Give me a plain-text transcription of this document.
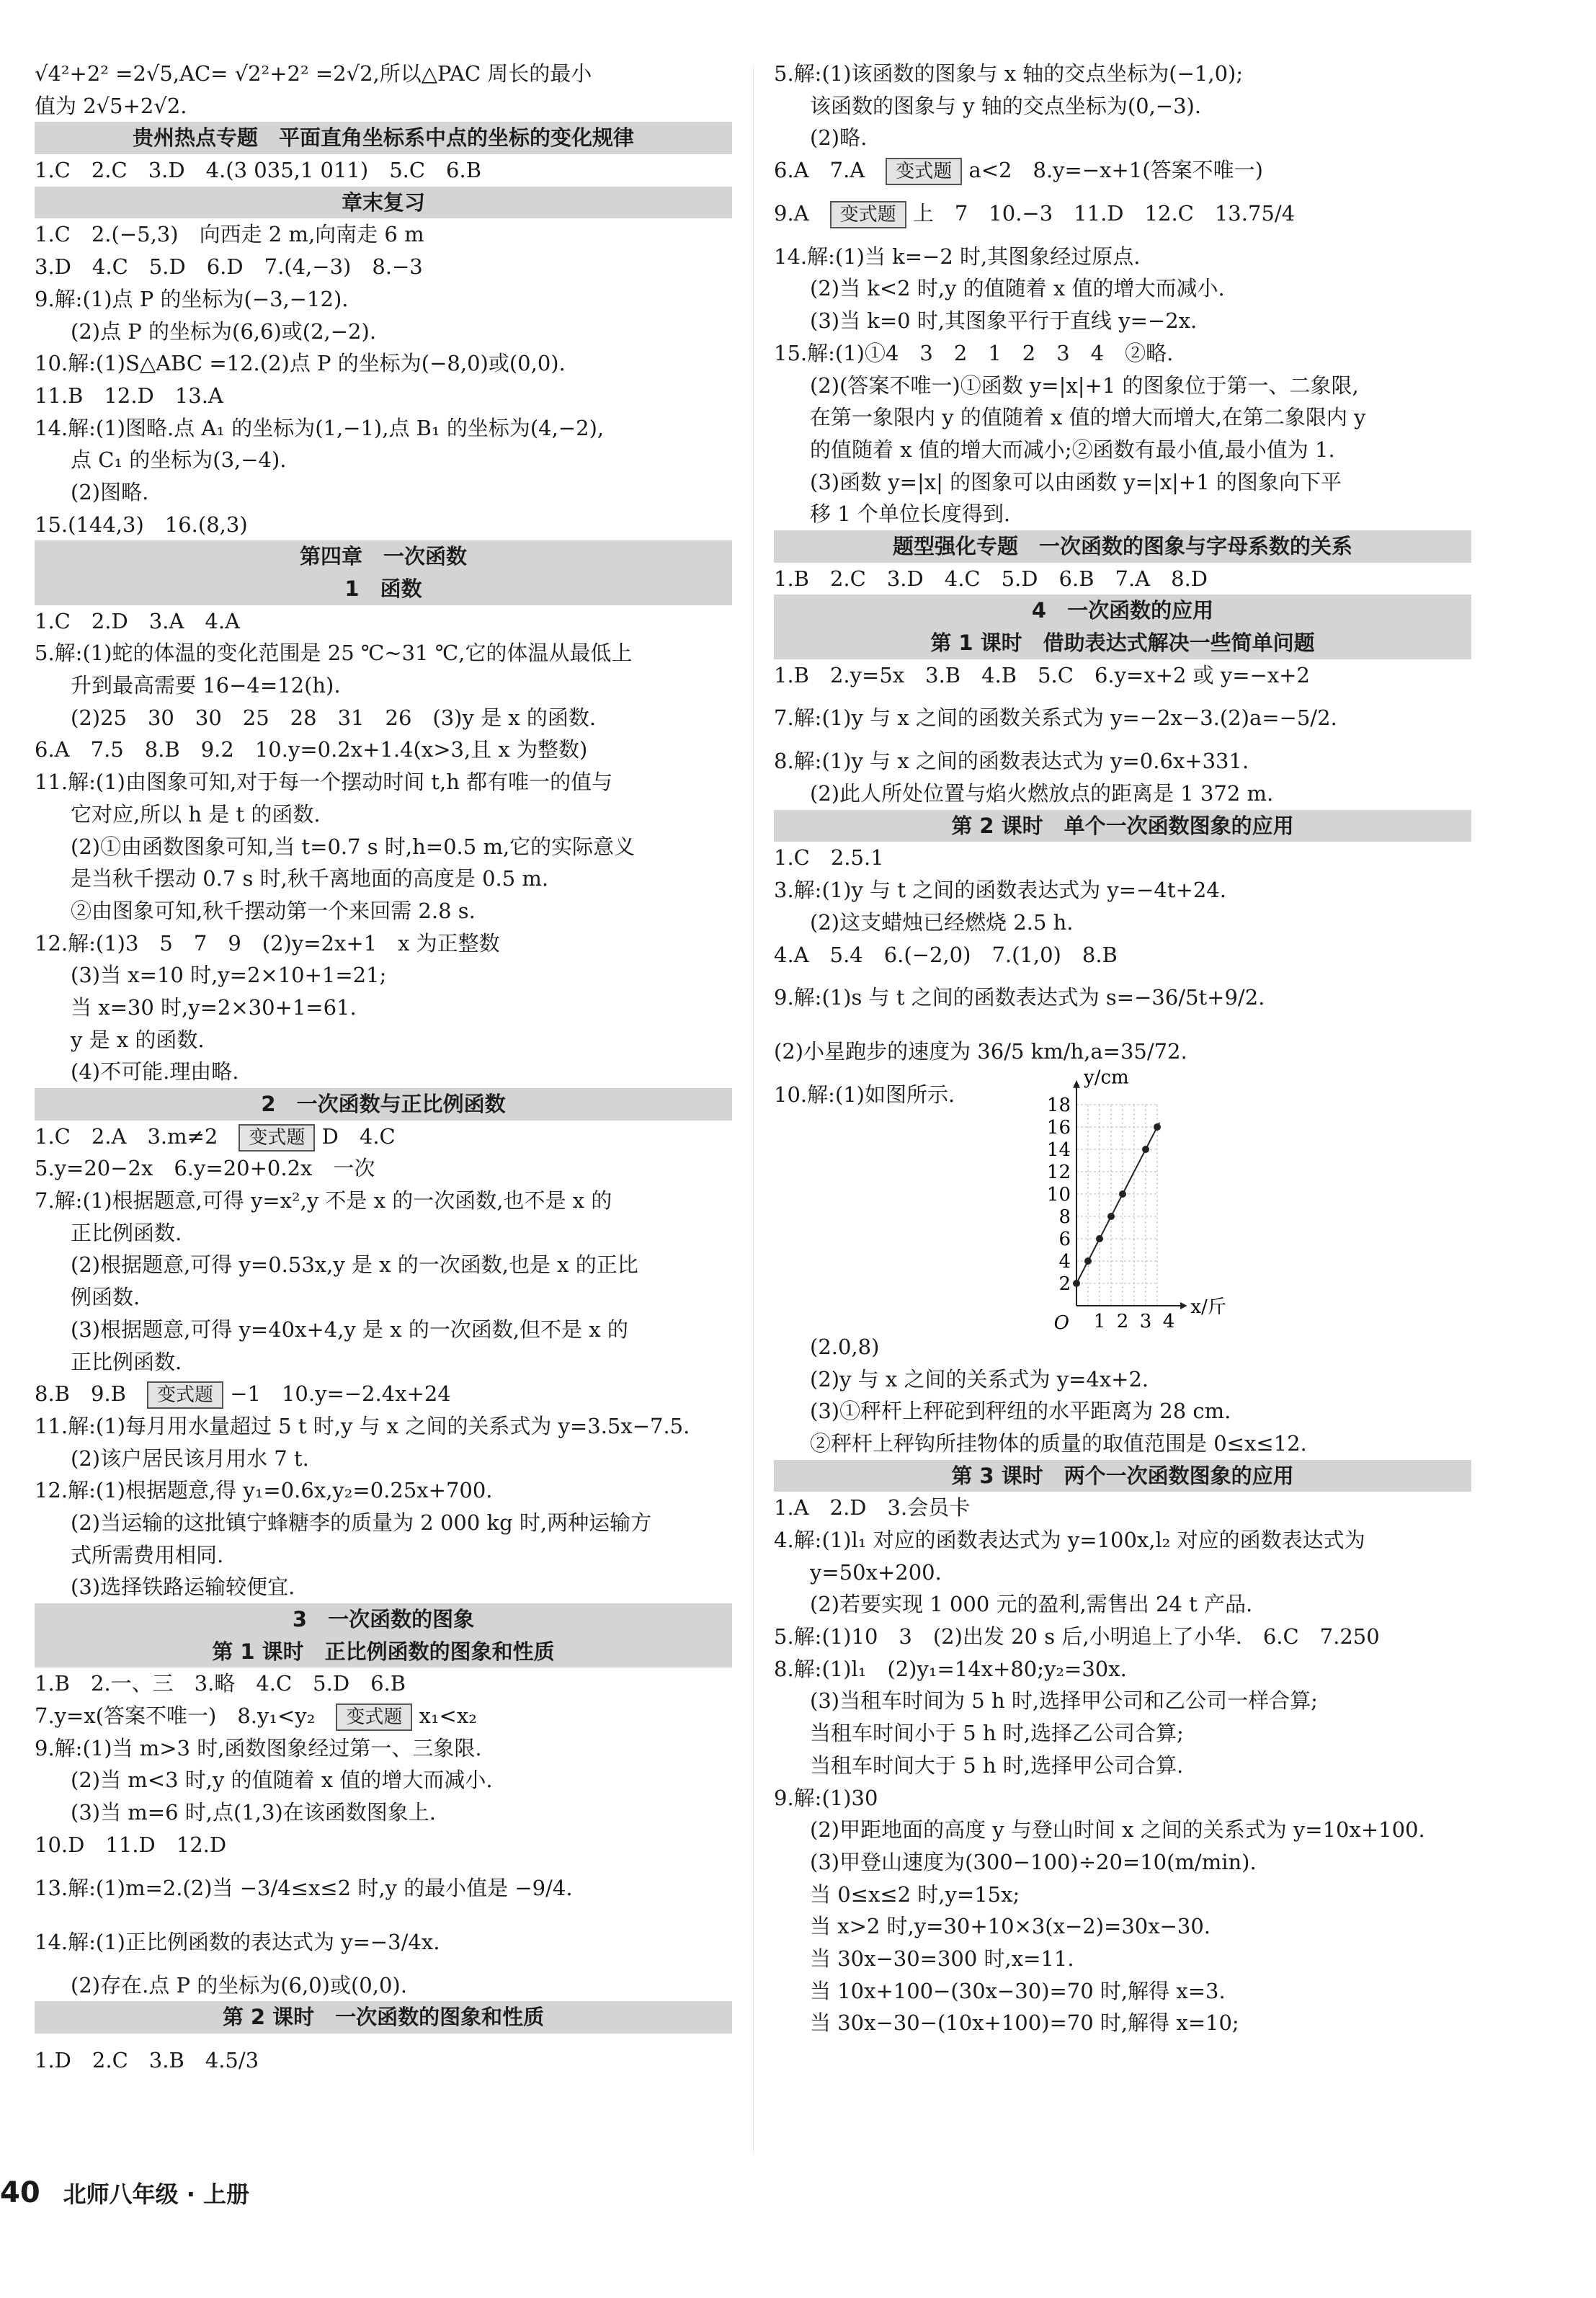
√4²+2² =2√5,AC= √2²+2² =2√2,所以△PAC 周长的最小
值为 2√5+2√2.
贵州热点专题　平面直角坐标系中点的坐标的变化规律
1.C　2.C　3.D　4.(3 035,1 011)　5.C　6.B
章末复习
1.C　2.(−5,3)　向西走 2 m,向南走 6 m
3.D　4.C　5.D　6.D　7.(4,−3)　8.−3
9.解:(1)点 P 的坐标为(−3,−12).
(2)点 P 的坐标为(6,6)或(2,−2).
10.解:(1)S△ABC =12.(2)点 P 的坐标为(−8,0)或(0,0).
11.B　12.D　13.A
14.解:(1)图略.点 A₁ 的坐标为(1,−1),点 B₁ 的坐标为(4,−2),
点 C₁ 的坐标为(3,−4).
(2)图略.
15.(144,3)　16.(8,3)
第四章　一次函数
1　函数
1.C　2.D　3.A　4.A
5.解:(1)蛇的体温的变化范围是 25 ℃~31 ℃,它的体温从最低上
升到最高需要 16−4=12(h).
(2)25　30　30　25　28　31　26　(3)y 是 x 的函数.
6.A　7.5　8.B　9.2　10.y=0.2x+1.4(x>3,且 x 为整数)
11.解:(1)由图象可知,对于每一个摆动时间 t,h 都有唯一的值与
它对应,所以 h 是 t 的函数.
(2)①由函数图象可知,当 t=0.7 s 时,h=0.5 m,它的实际意义
是当秋千摆动 0.7 s 时,秋千离地面的高度是 0.5 m.
②由图象可知,秋千摆动第一个来回需 2.8 s.
12.解:(1)3　5　7　9　(2)y=2x+1　x 为正整数
(3)当 x=10 时,y=2×10+1=21;
当 x=30 时,y=2×30+1=61.
y 是 x 的函数.
(4)不可能.理由略.
2　一次函数与正比例函数
1.C　2.A　3.m≠2　变式题 D　4.C
5.y=20−2x　6.y=20+0.2x　一次
7.解:(1)根据题意,可得 y=x²,y 不是 x 的一次函数,也不是 x 的
正比例函数.
(2)根据题意,可得 y=0.53x,y 是 x 的一次函数,也是 x 的正比
例函数.
(3)根据题意,可得 y=40x+4,y 是 x 的一次函数,但不是 x 的
正比例函数.
8.B　9.B　变式题 −1　10.y=−2.4x+24
11.解:(1)每月用水量超过 5 t 时,y 与 x 之间的关系式为 y=3.5x−7.5.
(2)该户居民该月用水 7 t.
12.解:(1)根据题意,得 y₁=0.6x,y₂=0.25x+700.
(2)当运输的这批镇宁蜂糖李的质量为 2 000 kg 时,两种运输方
式所需费用相同.
(3)选择铁路运输较便宜.
3　一次函数的图象
第 1 课时　正比例函数的图象和性质
1.B　2.一、三　3.略　4.C　5.D　6.B
7.y=x(答案不唯一)　8.y₁<y₂　变式题 x₁<x₂
9.解:(1)当 m>3 时,函数图象经过第一、三象限.
(2)当 m<3 时,y 的值随着 x 值的增大而减小.
(3)当 m=6 时,点(1,3)在该函数图象上.
10.D　11.D　12.D
13.解:(1)m=2.(2)当 −3/4≤x≤2 时,y 的最小值是 −9/4.
14.解:(1)正比例函数的表达式为 y=−3/4x.
(2)存在.点 P 的坐标为(6,0)或(0,0).
第 2 课时　一次函数的图象和性质
1.D　2.C　3.B　4.5/3
5.解:(1)该函数的图象与 x 轴的交点坐标为(−1,0);
该函数的图象与 y 轴的交点坐标为(0,−3).
(2)略.
6.A　7.A　变式题 a<2　8.y=−x+1(答案不唯一)
9.A　变式题 上　7　10.−3　11.D　12.C　13.75/4
14.解:(1)当 k=−2 时,其图象经过原点.
(2)当 k<2 时,y 的值随着 x 值的增大而减小.
(3)当 k=0 时,其图象平行于直线 y=−2x.
15.解:(1)①4　3　2　1　2　3　4　②略.
(2)(答案不唯一)①函数 y=|x|+1 的图象位于第一、二象限,
在第一象限内 y 的值随着 x 值的增大而增大,在第二象限内 y
的值随着 x 值的增大而减小;②函数有最小值,最小值为 1.
(3)函数 y=|x| 的图象可以由函数 y=|x|+1 的图象向下平
移 1 个单位长度得到.
题型强化专题　一次函数的图象与字母系数的关系
1.B　2.C　3.D　4.C　5.D　6.B　7.A　8.D
4　一次函数的应用
第 1 课时　借助表达式解决一些简单问题
1.B　2.y=5x　3.B　4.B　5.C　6.y=x+2 或 y=−x+2
7.解:(1)y 与 x 之间的函数关系式为 y=−2x−3.(2)a=−5/2.
8.解:(1)y 与 x 之间的函数表达式为 y=0.6x+331.
(2)此人所处位置与焰火燃放点的距离是 1 372 m.
第 2 课时　单个一次函数图象的应用
1.C　2.5.1
3.解:(1)y 与 t 之间的函数表达式为 y=−4t+24.
(2)这支蜡烛已经燃烧 2.5 h.
4.A　5.4　6.(−2,0)　7.(1,0)　8.B
9.解:(1)s 与 t 之间的函数表达式为 s=−36/5t+9/2.
(2)小星跑步的速度为 36/5 km/h,a=35/72.
10.解:(1)如图所示.
2
4
6
8
10
12
14
16
18
1 2 3 4
O
x/斤
y/cm
(2.0,8)
(2)y 与 x 之间的关系式为 y=4x+2.
(3)①秤杆上秤砣到秤纽的水平距离为 28 cm.
②秤杆上秤钩所挂物体的质量的取值范围是 0≤x≤12.
第 3 课时　两个一次函数图象的应用
1.A　2.D　3.会员卡
4.解:(1)l₁ 对应的函数表达式为 y=100x,l₂ 对应的函数表达式为
y=50x+200.
(2)若要实现 1 000 元的盈利,需售出 24 t 产品.
5.解:(1)10　3　(2)出发 20 s 后,小明追上了小华.　6.C　7.250
8.解:(1)l₁　(2)y₁=14x+80;y₂=30x.
(3)当租车时间为 5 h 时,选择甲公司和乙公司一样合算;
当租车时间小于 5 h 时,选择乙公司合算;
当租车时间大于 5 h 时,选择甲公司合算.
9.解:(1)30
(2)甲距地面的高度 y 与登山时间 x 之间的关系式为 y=10x+100.
(3)甲登山速度为(300−100)÷20=10(m/min).
当 0≤x≤2 时,y=15x;
当 x>2 时,y=30+10×3(x−2)=30x−30.
当 30x−30=300 时,x=11.
当 10x+100−(30x−30)=70 时,解得 x=3.
当 30x−30−(10x+100)=70 时,解得 x=10;
40 北师八年级 · 上册
